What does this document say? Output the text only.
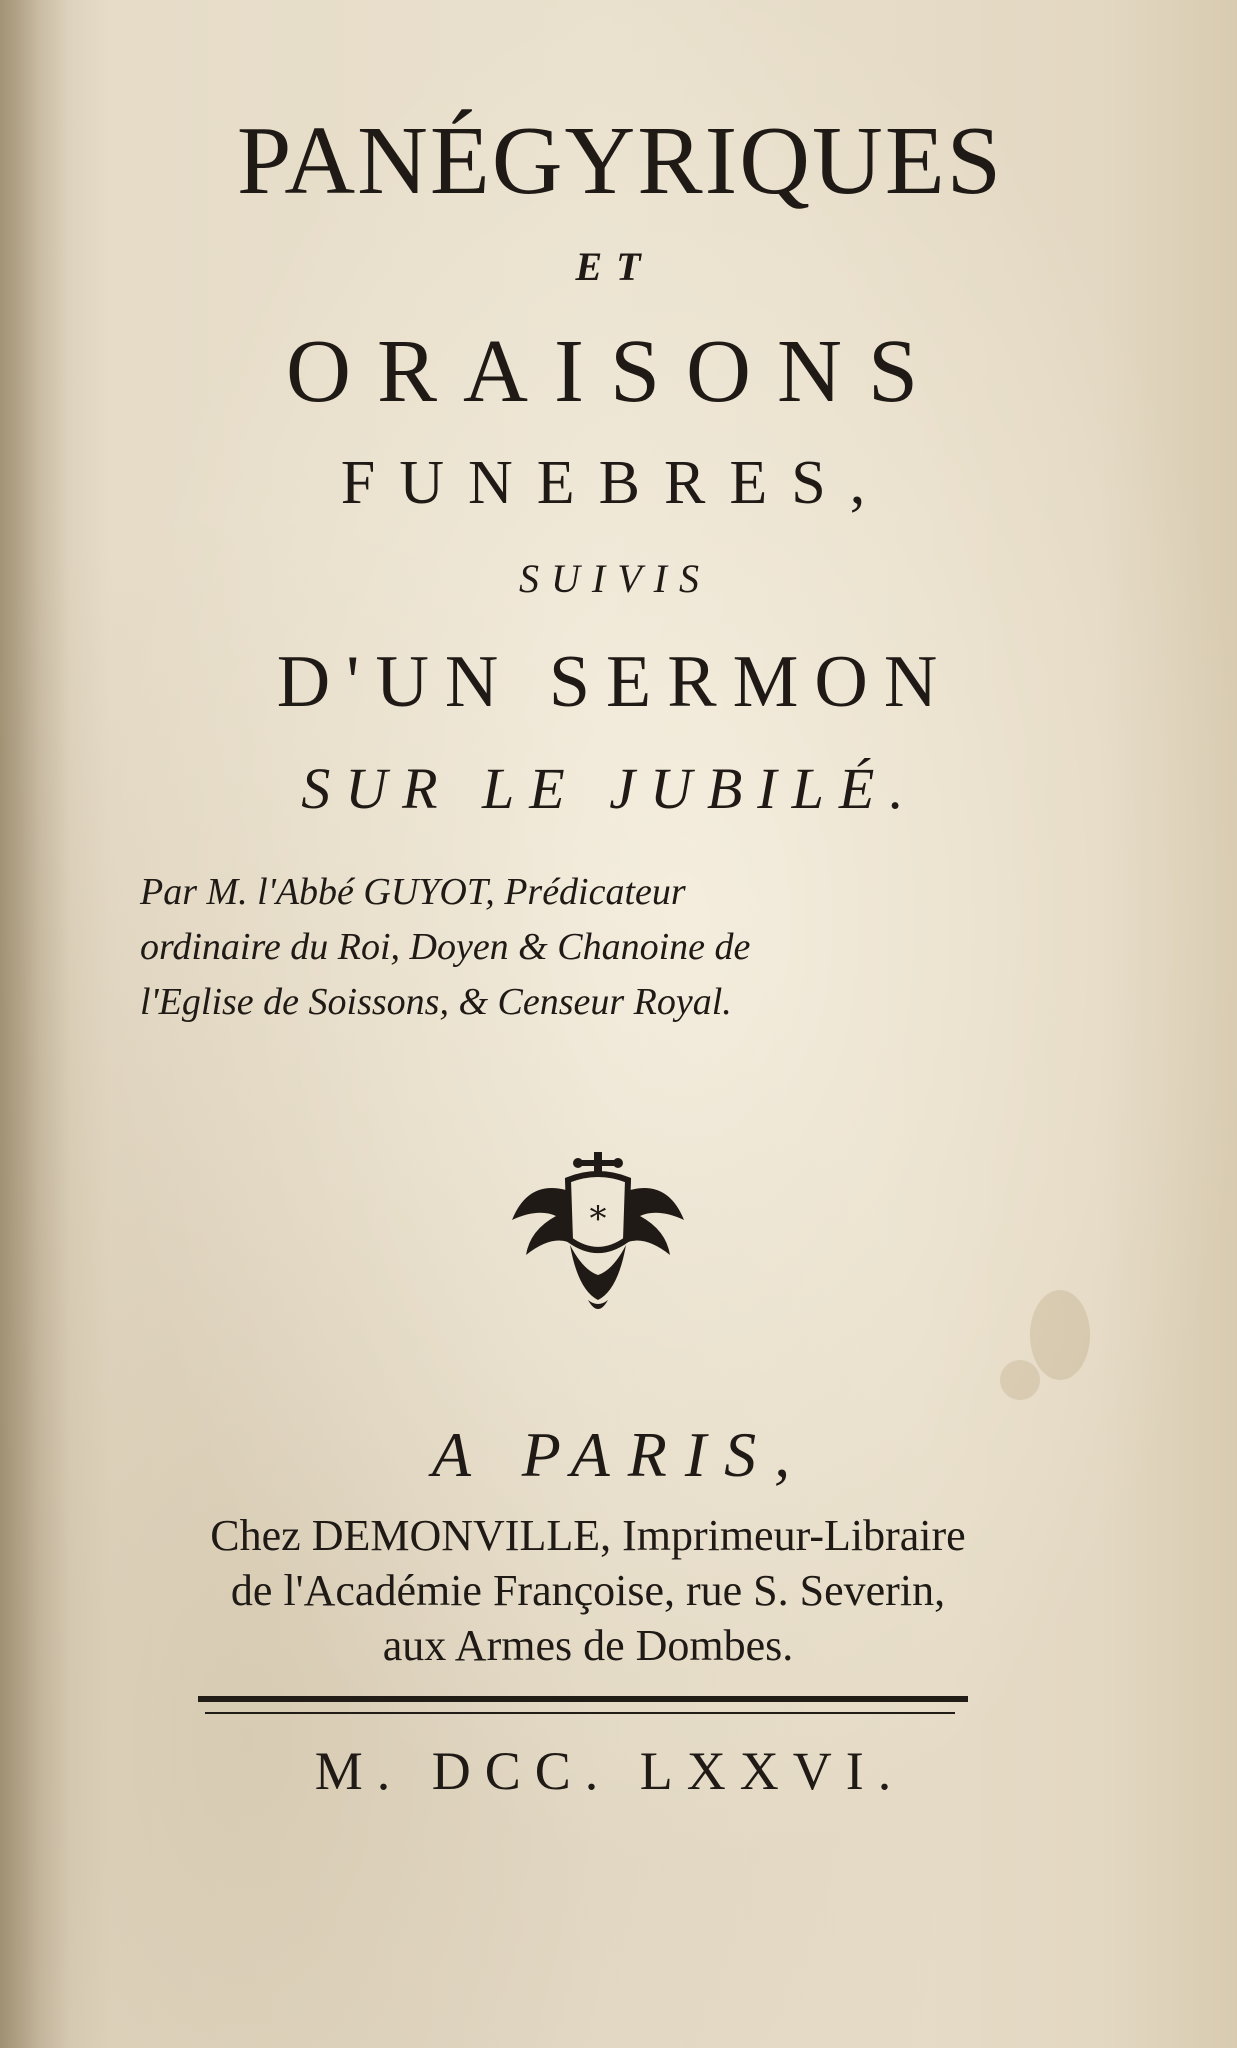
PANÉGYRIQUES
ET
ORAISONS
FUNEBRES,
SUIVIS
D'UN SERMON
SUR LE JUBILÉ.
Par M. l'Abbé GUYOT, Prédicateur
ordinaire du Roi, Doyen & Chanoine de
l'Eglise de Soissons, & Censeur Royal.
*
A PARIS,
Chez DEMONVILLE, Imprimeur-Libraire
de l'Académie Françoise, rue S. Severin,
aux Armes de Dombes.
M. DCC. LXXVI.
